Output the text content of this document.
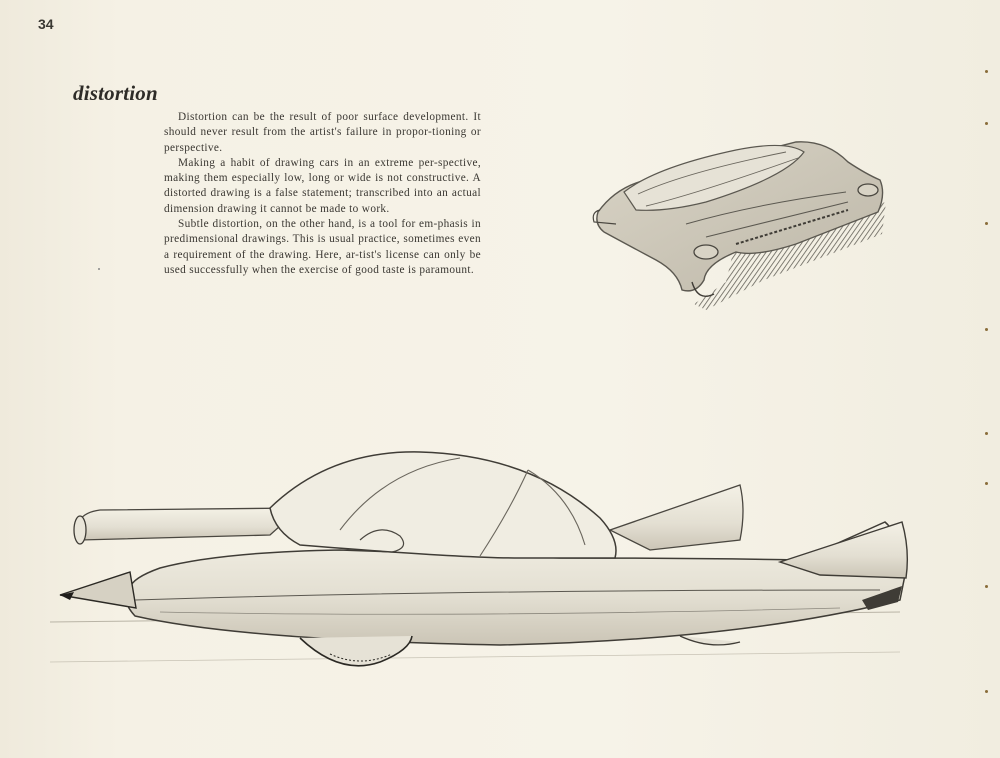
34
distortion

Distortion can be the result of poor surface development. It should never result from the artist's failure in propor-tioning or perspective.

Making a habit of drawing cars in an extreme per-spective, making them especially low, long or wide is not constructive. A distorted drawing is a false statement; transcribed into an actual dimension drawing it cannot be made to work.

Subtle distortion, on the other hand, is a tool for em-phasis in predimensional drawings. This is usual practice, sometimes even a requirement of the drawing. Here, ar-tist's license can only be used successfully when the exercise of good taste is paramount.
